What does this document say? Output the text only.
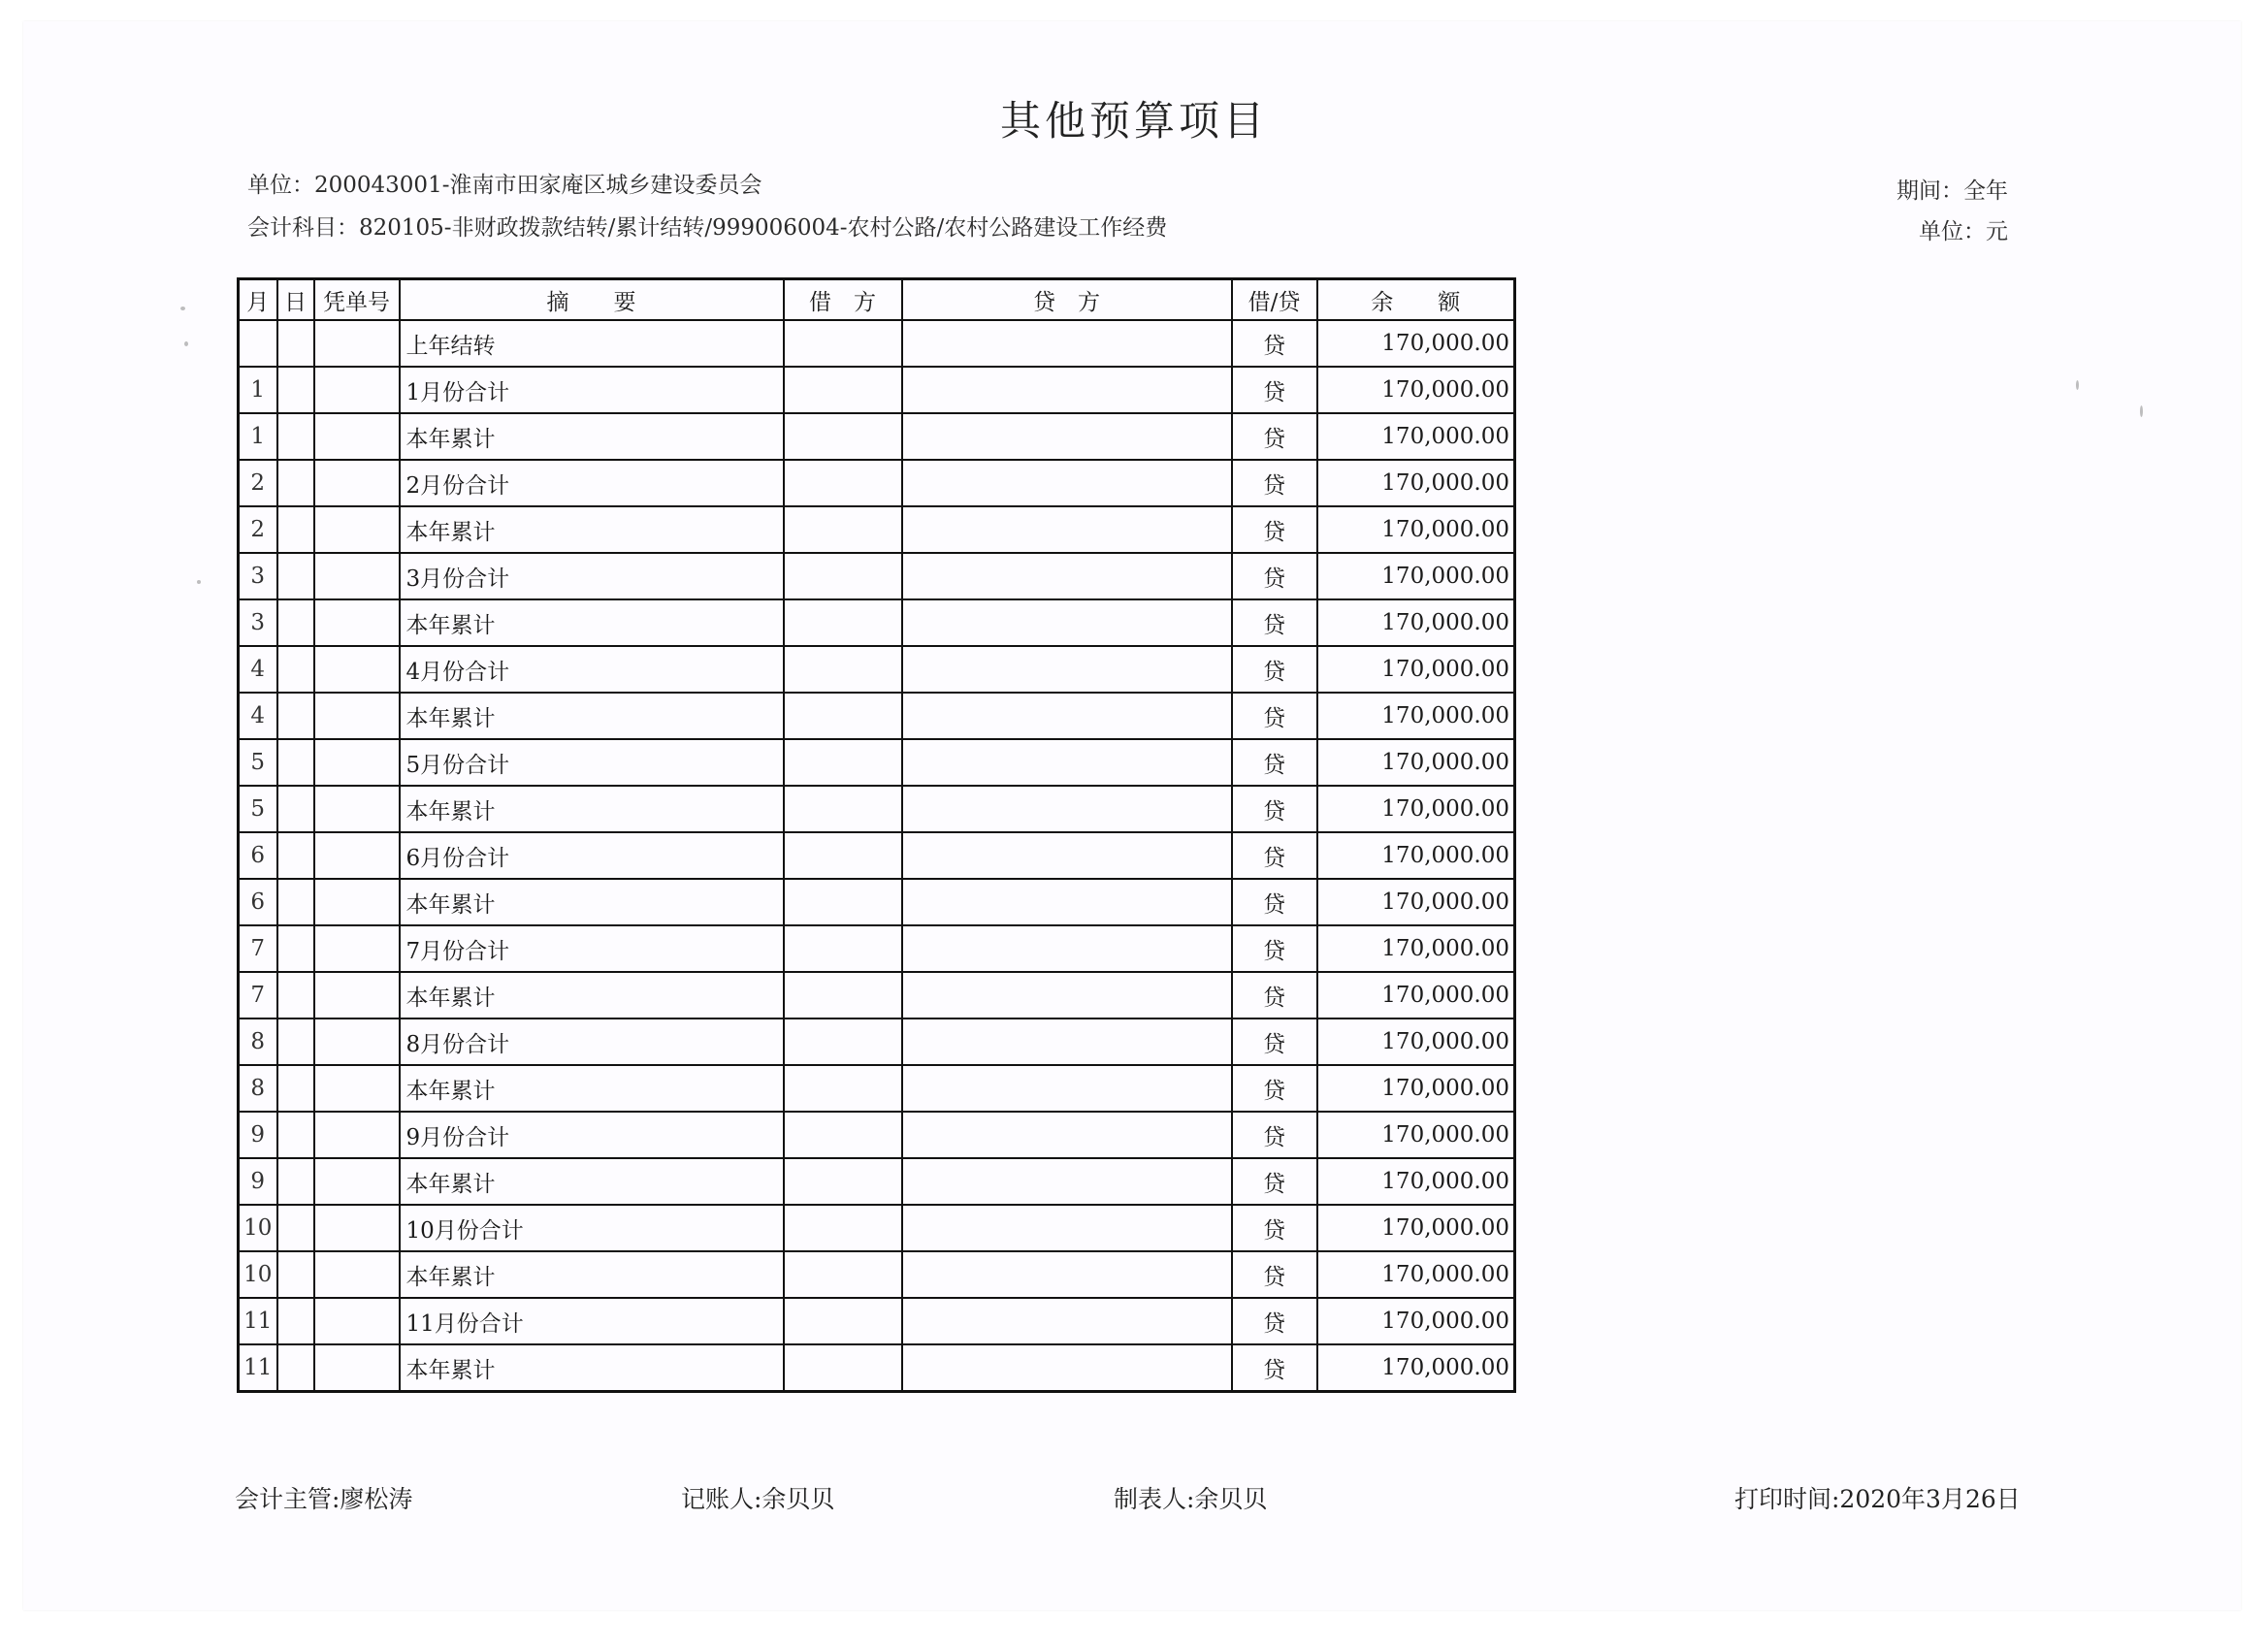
其他预算项目
单位：200043001-淮南市田家庵区城乡建设委员会
会计科目：820105-非财政拨款结转/累计结转/999006004-农村公路/农村公路建设工作经费
期间：全年
单位：元
月	日	凭单号	摘　　要	借　方	贷　方	借/贷	余　　额
			上年结转			贷	170,000.00
1			1月份合计			贷	170,000.00
1			本年累计			贷	170,000.00
2			2月份合计			贷	170,000.00
2			本年累计			贷	170,000.00
3			3月份合计			贷	170,000.00
3			本年累计			贷	170,000.00
4			4月份合计			贷	170,000.00
4			本年累计			贷	170,000.00
5			5月份合计			贷	170,000.00
5			本年累计			贷	170,000.00
6			6月份合计			贷	170,000.00
6			本年累计			贷	170,000.00
7			7月份合计			贷	170,000.00
7			本年累计			贷	170,000.00
8			8月份合计			贷	170,000.00
8			本年累计			贷	170,000.00
9			9月份合计			贷	170,000.00
9			本年累计			贷	170,000.00
10			10月份合计			贷	170,000.00
10			本年累计			贷	170,000.00
11			11月份合计			贷	170,000.00
11			本年累计			贷	170,000.00
会计主管:廖松涛	记账人:余贝贝	制表人:余贝贝	打印时间:2020年3月26日
